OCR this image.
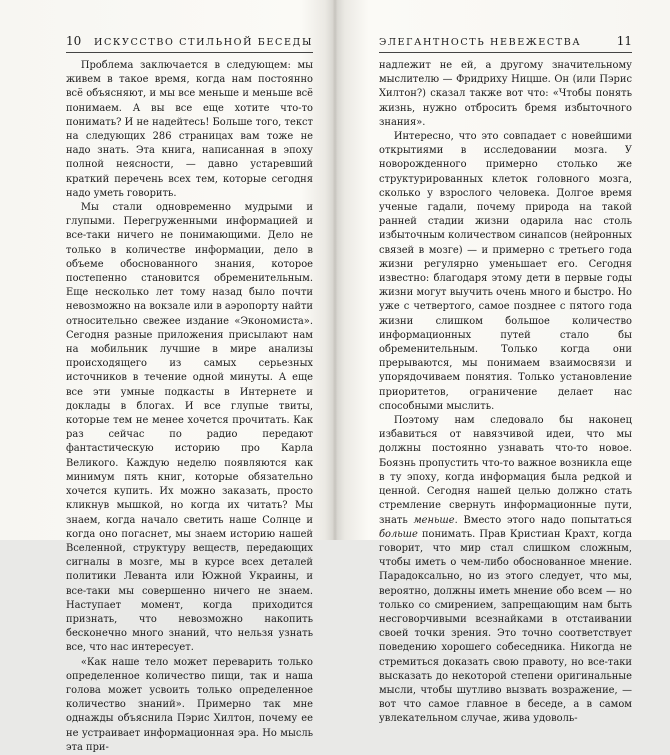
10 ИСКУССТВО СТИЛЬНОЙ БЕСЕДЫ

Проблема заключается в следующем: мы живем в такое время, когда нам постоянно всё объясняют, и мы все меньше и меньше всё понимаем. А вы все еще хотите что-то понимать? И не надейтесь! Больше того, текст на следующих 286 страницах вам тоже не надо знать. Эта книга, написанная в эпоху полной неясности, — давно устаревший краткий перечень всех тем, которые сегодня надо уметь говорить.

Мы стали одновременно мудрыми и глупыми. Перегруженными информацией и все-таки ничего не понимающими. Дело не только в количестве информации, дело в объеме обоснованного знания, которое постепенно становится обременительным. Еще несколько лет тому назад было почти невозможно на вокзале или в аэропорту найти относительно свежее издание «Экономиста». Сегодня разные приложения присылают нам на мобильник лучшие в мире анализы происходящего из самых серьезных источников в течение одной минуты. А еще все эти умные подкасты в Интернете и доклады в блогах. И все глупые твиты, которые тем не менее хочется прочитать. Как раз сейчас по радио передают фантастическую историю про Карла Великого. Каждую неделю появляются как минимум пять книг, которые обязательно хочется купить. Их можно заказать, просто кликнув мышкой, но когда их читать? Мы знаем, когда начало светить наше Солнце и когда оно погаснет, мы знаем историю нашей Вселенной, структуру веществ, передающих сигналы в мозге, мы в курсе всех деталей политики Леванта или Южной Украины, и все-таки мы совершенно ничего не знаем. Наступает момент, когда приходится признать, что невозможно накопить бесконечно много знаний, что нельзя узнать все, что нас интересует.

«Как наше тело может переварить только определенное количество пищи, так и наша голова может усвоить только определенное количество знаний». Примерно так мне однажды объяснила Пэрис Хилтон, почему ее не устраивает информационная эра. Но мысль эта при-

ЭЛЕГАНТНОСТЬ НЕВЕЖЕСТВА	11

надлежит не ей, а другому значительному мыслителю — Фридриху Ницше. Он (или Пэрис Хилтон?) сказал также вот что: «Чтобы понять жизнь, нужно отбросить бремя избыточного знания».

Интересно, что это совпадает с новейшими открытиями в исследовании мозга. У новорожденного примерно столько же структурированных клеток головного мозга, сколько у взрослого человека. Долгое время ученые гадали, почему природа на такой ранней стадии жизни одарила нас столь избыточным количеством синапсов (нейронных связей в мозге) — и примерно с третьего года жизни регулярно уменьшает его. Сегодня известно: благодаря этому дети в первые годы жизни могут выучить очень много и быстро. Но уже с четвертого, самое позднее с пятого года жизни слишком большое количество информационных путей стало бы обременительным. Только когда они прерываются, мы понимаем взаимосвязи и упорядочиваем понятия. Только установление приоритетов, ограничение делает нас способными мыслить.

Поэтому нам следовало бы наконец избавиться от навязчивой идеи, что мы должны постоянно узнавать что-то новое. Боязнь пропустить что-то важное возникла еще в ту эпоху, когда информация была редкой и ценной. Сегодня нашей целью должно стать стремление свернуть информационные пути, знать меньше. Вместо этого надо попытаться больше понимать. Прав Кристиан Крахт, когда говорит, что мир стал слишком сложным, чтобы иметь о чем-либо обоснованное мнение. Парадоксально, но из этого следует, что мы, вероятно, должны иметь мнение обо всем — но только со смирением, запрещающим нам быть несговорчивыми всезнайками в отстаивании своей точки зрения. Это точно соответствует поведению хорошего собеседника. Никогда не стремиться доказать свою правоту, но все-таки высказать до некоторой степени оригинальные мысли, чтобы шутливо вызвать возражение, — вот что самое главное в беседе, а в самом увлекательном случае, жива удоволь-
